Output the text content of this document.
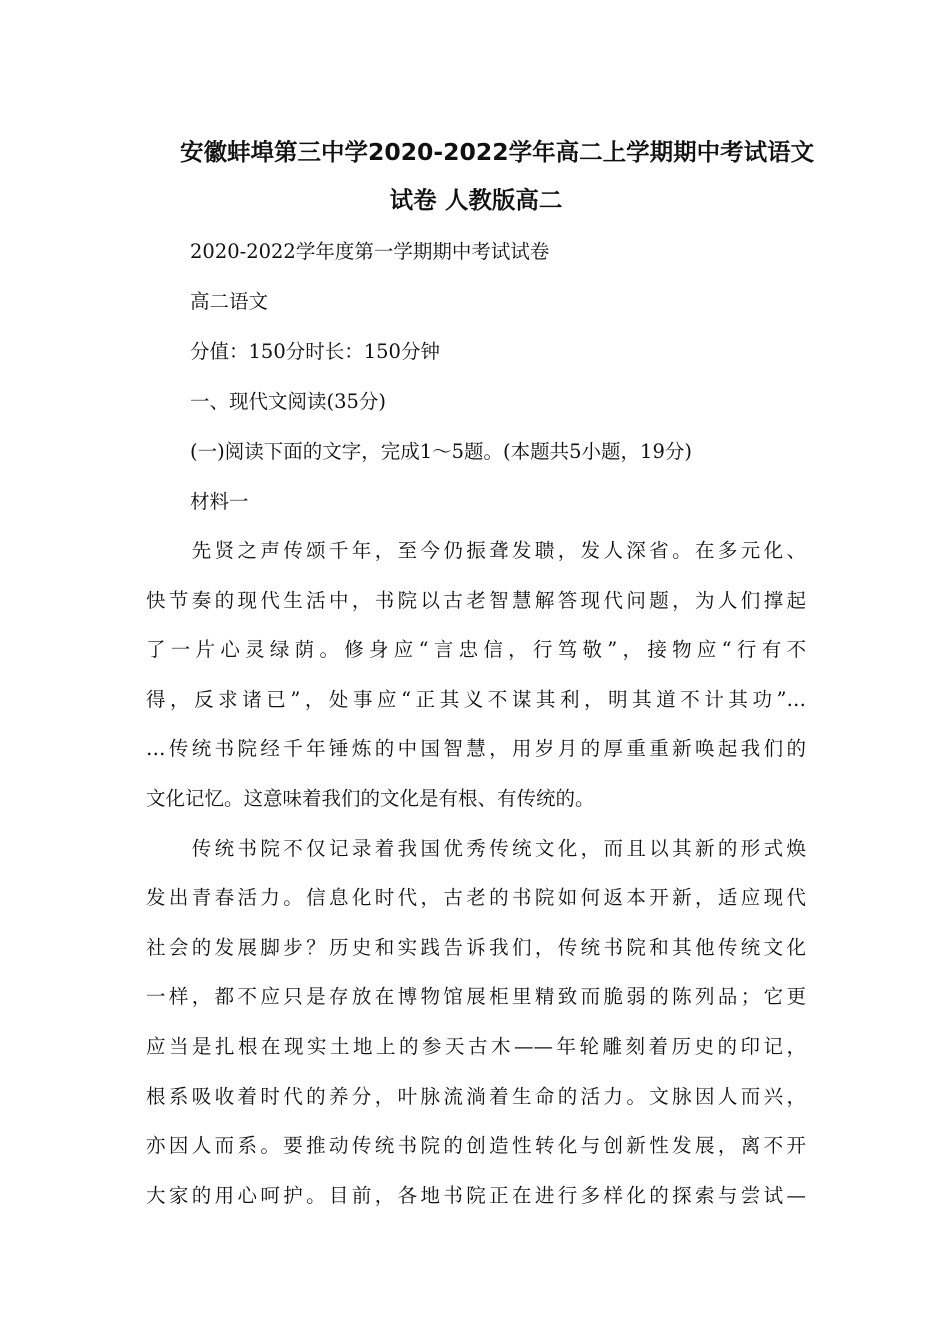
安徽蚌埠第三中学2020-2022学年高二上学期期中考试语文
试卷 人教版高二
2020-2022学年度第一学期期中考试试卷
高二语文
分值：150分时长：150分钟
一、现代文阅读(35分)
(一)阅读下面的文字，完成1～5题。(本题共5小题，19分)
材料一
　　先贤之声传颂千年，至今仍振聋发聩，发人深省。在多元化、
快节奏的现代生活中，书院以古老智慧解答现代问题，为人们撑起
了一片心灵绿荫。修身应“言忠信，行笃敬”，接物应“行有不
得，反求诸已”，处事应“正其义不谋其利，明其道不计其功”…
…传统书院经千年锤炼的中国智慧，用岁月的厚重重新唤起我们的
文化记忆。这意味着我们的文化是有根、有传统的。
　　传统书院不仅记录着我国优秀传统文化，而且以其新的形式焕
发出青春活力。信息化时代，古老的书院如何返本开新，适应现代
社会的发展脚步？历史和实践告诉我们，传统书院和其他传统文化
一样，都不应只是存放在博物馆展柜里精致而脆弱的陈列品；它更
应当是扎根在现实土地上的参天古木——年轮雕刻着历史的印记，
根系吸收着时代的养分，叶脉流淌着生命的活力。文脉因人而兴，
亦因人而系。要推动传统书院的创造性转化与创新性发展，离不开
大家的用心呵护。目前，各地书院正在进行多样化的探索与尝试—
